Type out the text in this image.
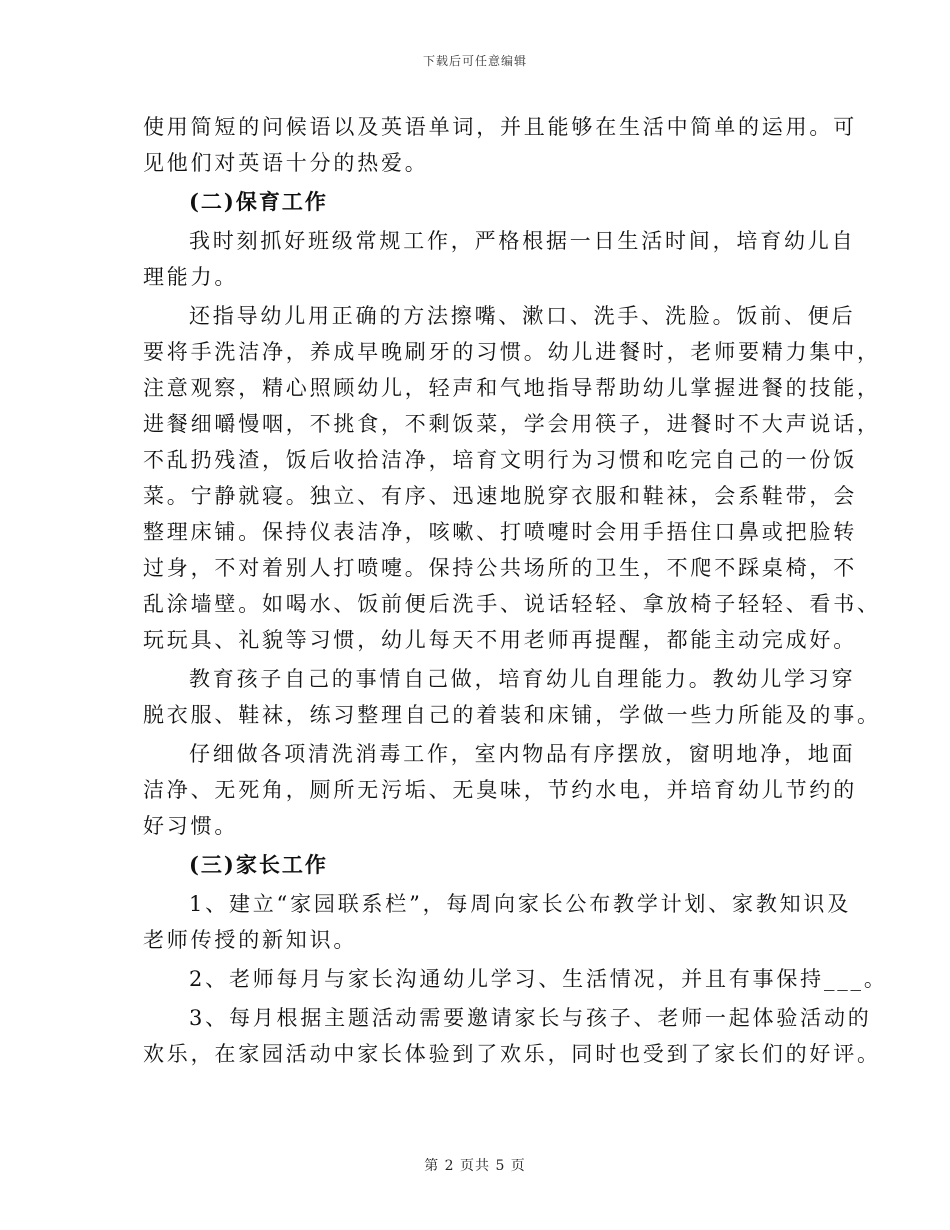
下载后可任意编辑
使用简短的问候语以及英语单词，并且能够在生活中简单的运用。可
见他们对英语十分的热爱。
(二)保育工作
我时刻抓好班级常规工作，严格根据一日生活时间，培育幼儿自
理能力。
还指导幼儿用正确的方法擦嘴、漱口、洗手、洗脸。饭前、便后
要将手洗洁净，养成早晚刷牙的习惯。幼儿进餐时，老师要精力集中，
注意观察，精心照顾幼儿，轻声和气地指导帮助幼儿掌握进餐的技能，
进餐细嚼慢咽，不挑食，不剩饭菜，学会用筷子，进餐时不大声说话，
不乱扔残渣，饭后收拾洁净，培育文明行为习惯和吃完自己的一份饭
菜。宁静就寝。独立、有序、迅速地脱穿衣服和鞋袜，会系鞋带，会
整理床铺。保持仪表洁净，咳嗽、打喷嚏时会用手捂住口鼻或把脸转
过身，不对着别人打喷嚏。保持公共场所的卫生，不爬不踩桌椅，不
乱涂墙壁。如喝水、饭前便后洗手、说话轻轻、拿放椅子轻轻、看书、
玩玩具、礼貌等习惯，幼儿每天不用老师再提醒，都能主动完成好。
教育孩子自己的事情自己做，培育幼儿自理能力。教幼儿学习穿
脱衣服、鞋袜，练习整理自己的着装和床铺，学做一些力所能及的事。
仔细做各项清洗消毒工作，室内物品有序摆放，窗明地净，地面
洁净、无死角，厕所无污垢、无臭味，节约水电，并培育幼儿节约的
好习惯。
(三)家长工作
1、建立“家园联系栏”，每周向家长公布教学计划、家教知识及
老师传授的新知识。
2、老师每月与家长沟通幼儿学习、生活情况，并且有事保持___。
3、每月根据主题活动需要邀请家长与孩子、老师一起体验活动的
欢乐，在家园活动中家长体验到了欢乐，同时也受到了家长们的好评。
第 2 页共 5 页
